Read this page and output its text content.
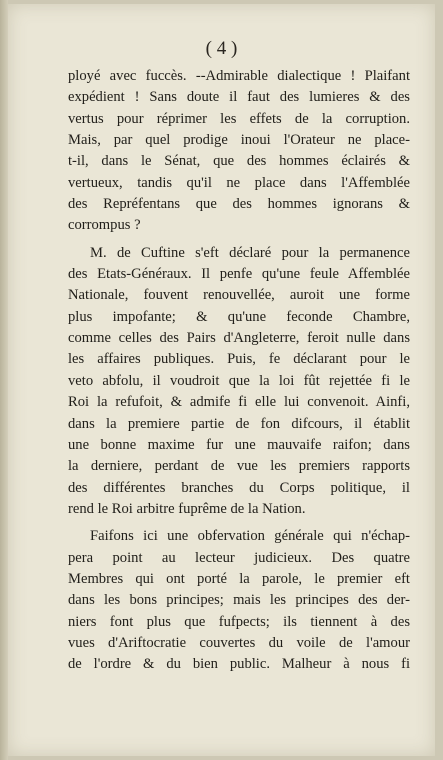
( 4 )
ployé avec fuccès. --Admirable dialectique ! Plaifant
expédient ! Sans doute il faut des lumieres & des
vertus pour réprimer les effets de la corruption.
Mais, par quel prodige inoui l'Orateur ne place-
t-il, dans le Sénat, que des hommes éclairés &
vertueux, tandis qu'il ne place dans l'Affemblée
des Repréfentans que des hommes ignorans &
corrompus ?
M. de Cuftine s'eft déclaré pour la permanence
des Etats-Généraux. Il penfe qu'une feule Affemblée
Nationale, fouvent renouvellée, auroit une forme
plus impofante; & qu'une feconde Chambre,
comme celles des Pairs d'Angleterre, feroit nulle dans
les affaires publiques. Puis, fe déclarant pour le
veto abfolu, il voudroit que la loi fût rejettée fi le
Roi la refufoit, & admife fi elle lui convenoit. Ainfi,
dans la premiere partie de fon difcours, il établit
une bonne maxime fur une mauvaife raifon; dans
la derniere, perdant de vue les premiers rapports
des différentes branches du Corps politique, il
rend le Roi arbitre fuprême de la Nation.
Faifons ici une obfervation générale qui n'échap-
pera point au lecteur judicieux. Des quatre
Membres qui ont porté la parole, le premier eft
dans les bons principes; mais les principes des der-
niers font plus que fufpects; ils tiennent à des
vues d'Ariftocratie couvertes du voile de l'amour
de l'ordre & du bien public. Malheur à nous fi
